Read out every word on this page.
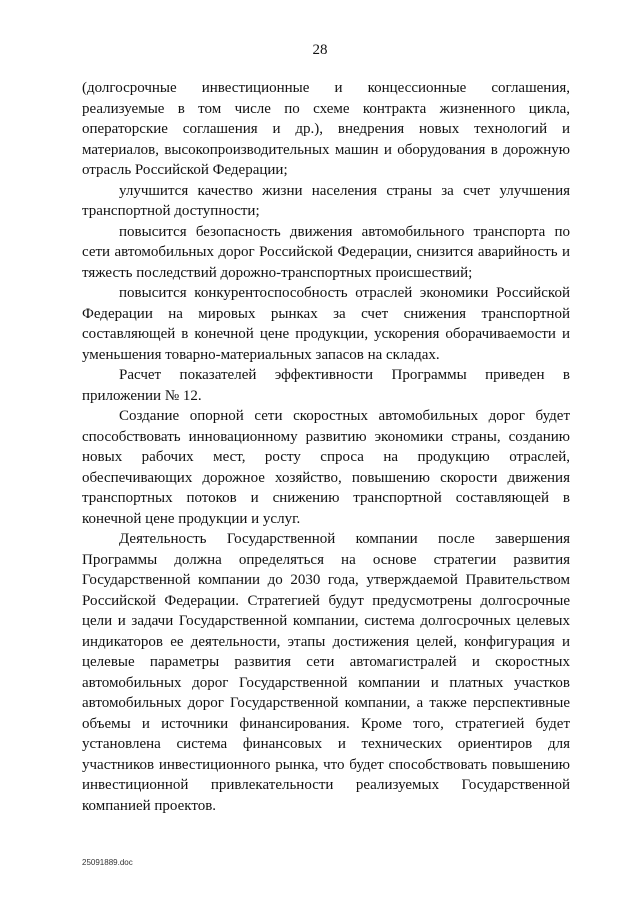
28

(долгосрочные инвестиционные и концессионные соглашения, реализуемые в том числе по схеме контракта жизненного цикла, операторские соглашения и др.), внедрения новых технологий и материалов, высокопроизводительных машин и оборудования в дорожную отрасль Российской Федерации;

улучшится качество жизни населения страны за счет улучшения транспортной доступности;

повысится безопасность движения автомобильного транспорта по сети автомобильных дорог Российской Федерации, снизится аварийность и тяжесть последствий дорожно-транспортных происшествий;

повысится конкурентоспособность отраслей экономики Российской Федерации на мировых рынках за счет снижения транспортной составляющей в конечной цене продукции, ускорения оборачиваемости и уменьшения товарно-материальных запасов на складах.

Расчет показателей эффективности Программы приведен в приложении № 12.

Создание опорной сети скоростных автомобильных дорог будет способствовать инновационному развитию экономики страны, созданию новых рабочих мест, росту спроса на продукцию отраслей, обеспечивающих дорожное хозяйство, повышению скорости движения транспортных потоков и снижению транспортной составляющей в конечной цене продукции и услуг.

Деятельность Государственной компании после завершения Программы должна определяться на основе стратегии развития Государственной компании до 2030 года, утверждаемой Правительством Российской Федерации. Стратегией будут предусмотрены долгосрочные цели и задачи Государственной компании, система долгосрочных целевых индикаторов ее деятельности, этапы достижения целей, конфигурация и целевые параметры развития сети автомагистралей и скоростных автомобильных дорог Государственной компании и платных участков автомобильных дорог Государственной компании, а также перспективные объемы и источники финансирования. Кроме того, стратегией будет установлена система финансовых и технических ориентиров для участников инвестиционного рынка, что будет способствовать повышению инвестиционной привлекательности реализуемых Государственной компанией проектов.

25091889.doc
